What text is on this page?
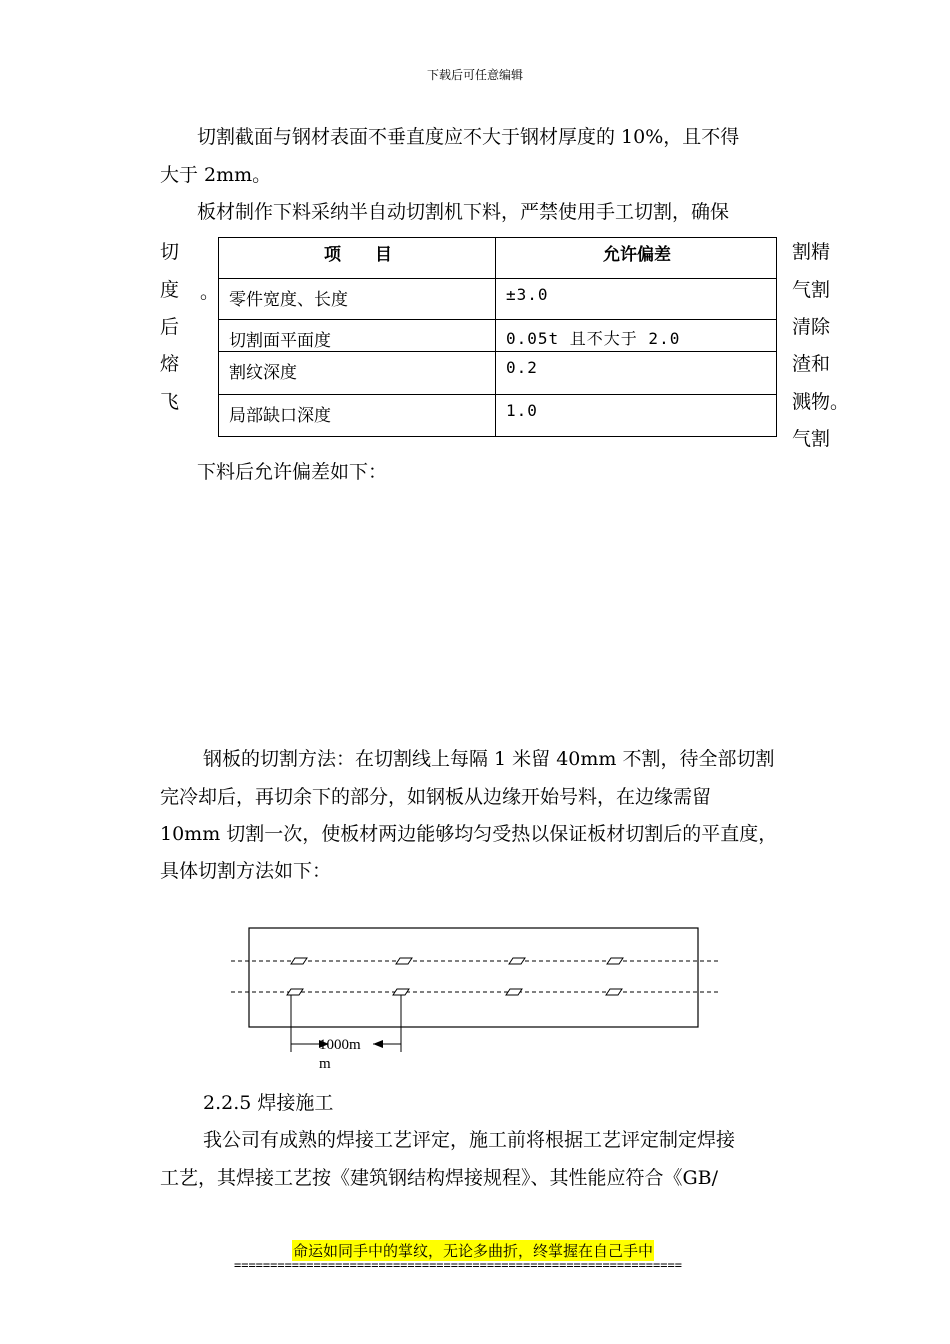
下载后可任意编辑
切割截面与钢材表面不垂直度应不大于钢材厚度的 10%，且不得
大于 2mm。
板材制作下料采纳半自动切割机下料，严禁使用手工切割，确保
切
度 。
后
熔
飞
割精
气割
清除
渣和
溅物。
气割
项　　目	允许偏差
零件宽度、长度	±3.0
切割面平面度	0.05t 且不大于 2.0
割纹深度	0.2
局部缺口深度	1.0
下料后允许偏差如下：
钢板的切割方法：在切割线上每隔 1 米留 40mm 不割，待全部切割
完冷却后，再切余下的部分，如钢板从边缘开始号料，在边缘需留
10mm 切割一次，使板材两边能够均匀受热以保证板材切割后的平直度，
具体切割方法如下：
1000m
m
2.2.5 焊接施工
我公司有成熟的焊接工艺评定，施工前将根据工艺评定制定焊接
工艺，其焊接工艺按《建筑钢结构焊接规程》、其性能应符合《GB/
命运如同手中的掌纹，无论多曲折，终掌握在自己手中
==============================================================
